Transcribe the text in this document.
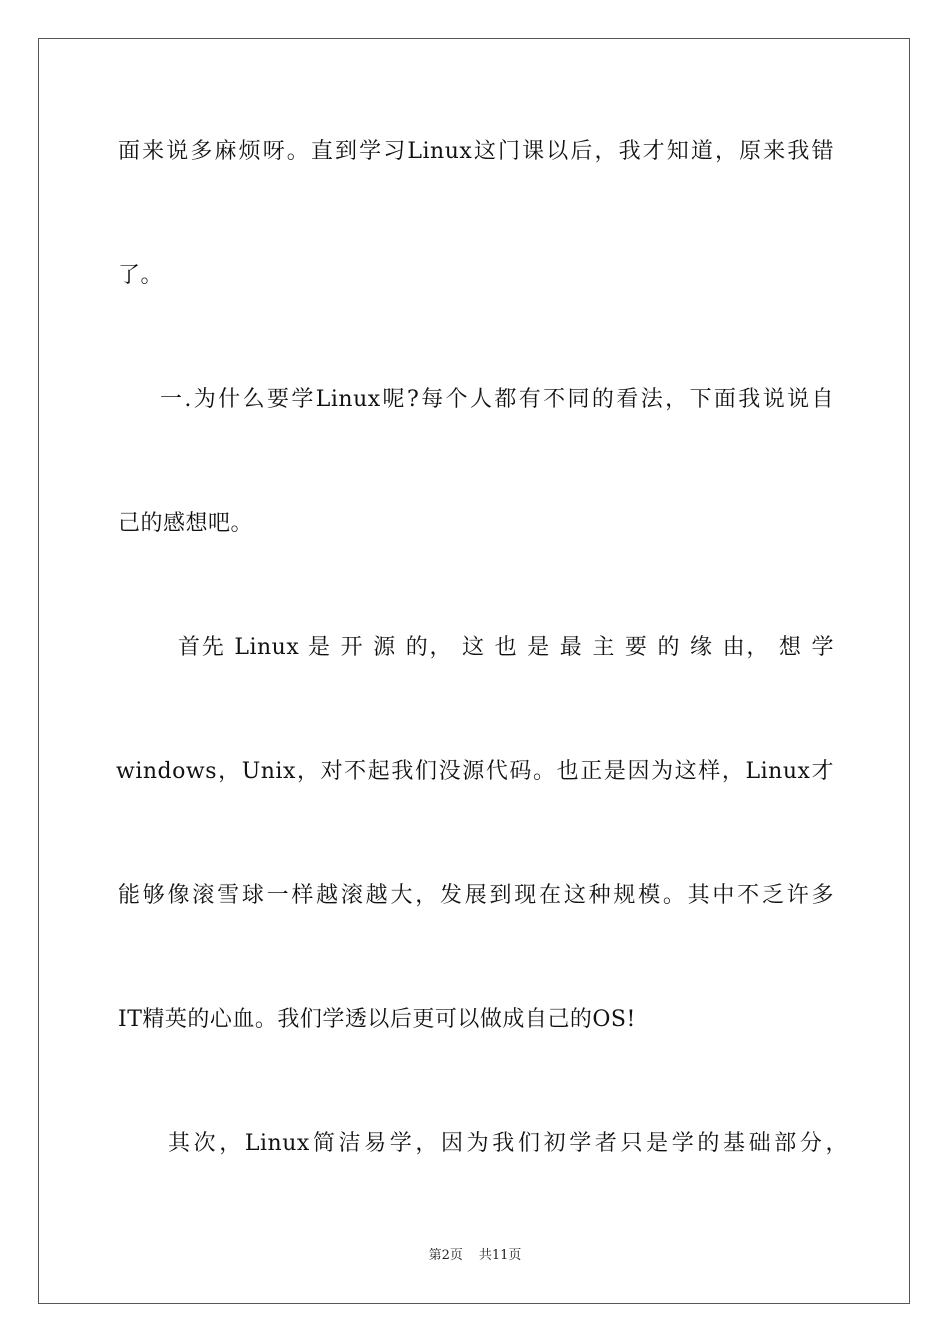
面来说多麻烦呀。直到学习Linux这门课以后，我才知道，原来我错
了。
一.为什么要学Linux呢?每个人都有不同的看法，下面我说说自
己的感想吧。
首先 Linux 是 开 源 的， 这 也 是 最 主 要 的 缘 由， 想 学
windows，Unix，对不起我们没源代码。也正是因为这样，Linux才
能够像滚雪球一样越滚越大，发展到现在这种规模。其中不乏许多
IT精英的心血。我们学透以后更可以做成自己的OS!
其次，Linux简洁易学，因为我们初学者只是学的基础部分，
第2页 共11页
